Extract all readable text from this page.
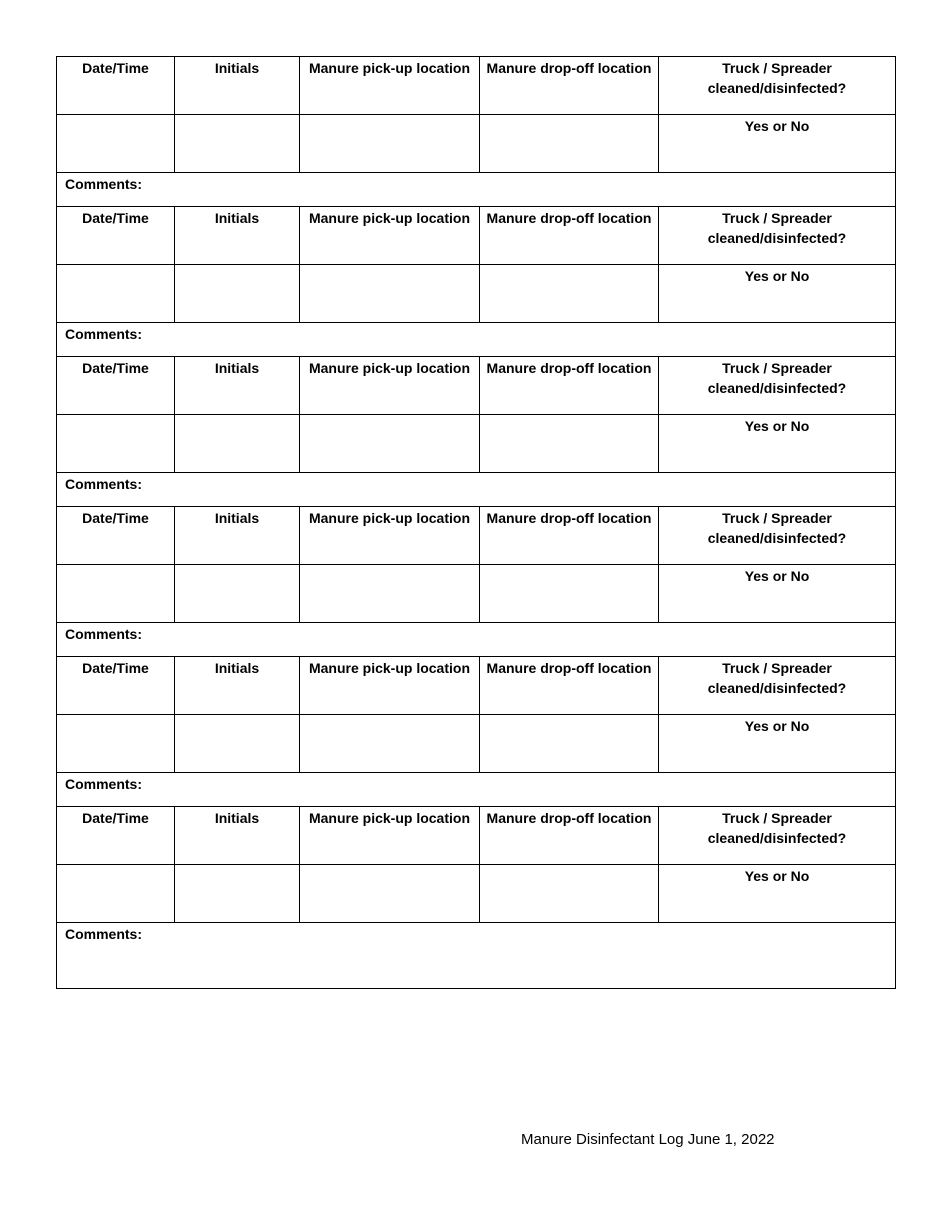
Date/Time	Initials	Manure pick-up location	Manure drop-off location	Truck / Spreader cleaned/disinfected?

				Yes or No

Comments:				

Date/Time	Initials	Manure pick-up location	Manure drop-off location	Truck / Spreader cleaned/disinfected?

				Yes or No

Comments:				

Date/Time	Initials	Manure pick-up location	Manure drop-off location	Truck / Spreader cleaned/disinfected?

				Yes or No

Comments:				

Date/Time	Initials	Manure pick-up location	Manure drop-off location	Truck / Spreader cleaned/disinfected?

				Yes or No

Comments:				

Date/Time	Initials	Manure pick-up location	Manure drop-off location	Truck / Spreader cleaned/disinfected?

				Yes or No

Comments:				

Date/Time	Initials	Manure pick-up location	Manure drop-off location	Truck / Spreader cleaned/disinfected?

				Yes or No

Comments:				
Manure Disinfectant Log June 1, 2022
